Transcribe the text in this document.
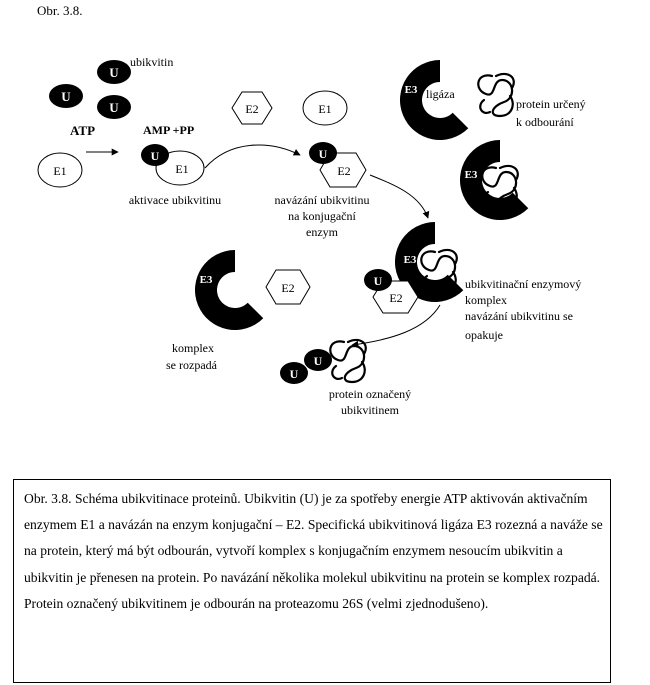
Obr. 3.8.
U
U
U
ubikvitin
ATP
E1
AMP +PP
E1
U
aktivace ubikvitinu
E2	E1
E2
U
navázání ubikvitinu
na konjugační
enzym
E3 ligáza
protein určený
k odbourání
E3
E3
E2
U	ubikvitinační enzymový
komplex
navázání ubikvitinu se
opakuje
E3
E2
komplex
se rozpadá	U
U
protein označený
ubikvitinem

Obr. 3.8. Schéma ubikvitinace proteinů. Ubikvitin (U) je za spotřeby energie ATP aktivován aktivačním enzymem E1 a navázán na enzym konjugační – E2. Specifická ubikvitinová ligáza E3 rozezná a naváže se na protein, který má být odbourán, vytvoří komplex s konjugačním enzymem nesoucím ubikvitin a ubikvitin je přenesen na protein. Po navázání několika molekul ubikvitinu na protein se komplex rozpadá. Protein označený ubikvitinem je odbourán na proteazomu 26S (velmi zjednodušeno).
